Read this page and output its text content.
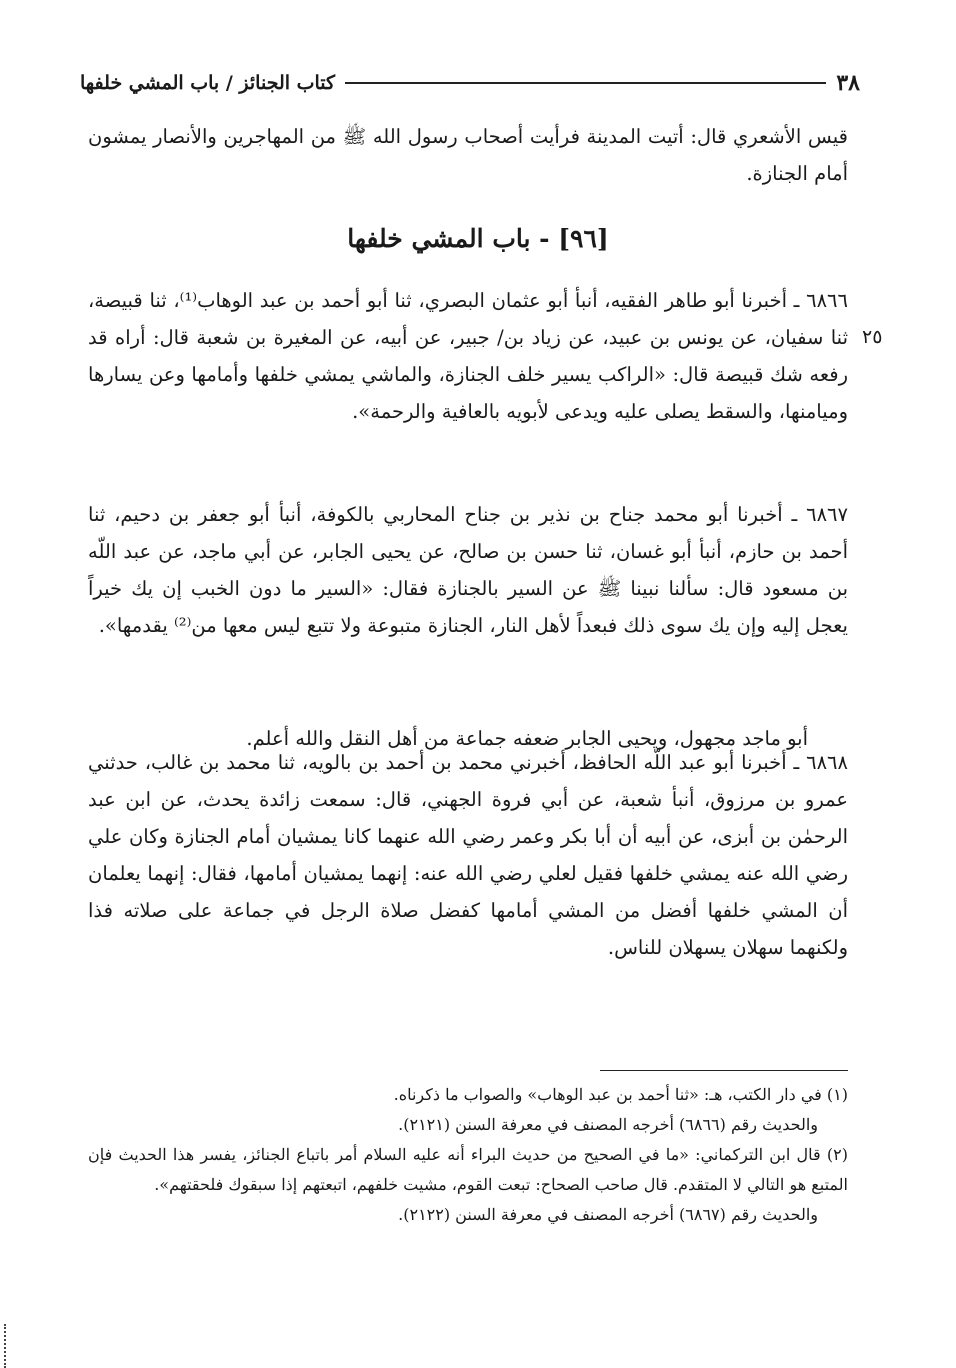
٣٨
كتاب الجنائز / باب المشي خلفها

قيس الأشعري قال: أتيت المدينة فرأيت أصحاب رسول الله ﷺ من المهاجرين والأنصار يمشون أمام الجنازة.

[٩٦] - باب المشي خلفها

٦٨٦٦ ـ أخبرنا أبو طاهر الفقيه، أنبأ أبو عثمان البصري، ثنا أبو أحمد بن عبد الوهاب⁽¹⁾، ثنا قبيصة، ثنا سفيان، عن يونس بن عبيد، عن زياد بن/ جبير، عن أبيه، عن المغيرة بن شعبة قال: أراه قد رفعه شك قبيصة قال: «الراكب يسير خلف الجنازة، والماشي يمشي خلفها وأمامها وعن يسارها وميامنها، والسقط يصلى عليه ويدعى لأبويه بالعافية والرحمة».

٢٥

٦٨٦٧ ـ أخبرنا أبو محمد جناح بن نذير بن جناح المحاربي بالكوفة، أنبأ أبو جعفر بن دحيم، ثنا أحمد بن حازم، أنبأ أبو غسان، ثنا حسن بن صالح، عن يحيى الجابر، عن أبي ماجد، عن عبد اللّه بن مسعود قال: سألنا نبينا ﷺ عن السير بالجنازة فقال: «السير ما دون الخبب إن يك خيراً يعجل إليه وإن يك سوى ذلك فبعداً لأهل النار، الجنازة متبوعة ولا تتبع ليس معها من⁽²⁾ يقدمها».

أبو ماجد مجهول، ويحيى الجابر ضعفه جماعة من أهل النقل والله أعلم.

٦٨٦٨ ـ أخبرنا أبو عبد اللّه الحافظ، أخبرني محمد بن أحمد بن بالويه، ثنا محمد بن غالب، حدثني عمرو بن مرزوق، أنبأ شعبة، عن أبي فروة الجهني، قال: سمعت زائدة يحدث، عن ابن عبد الرحمٰن بن أبزى، عن أبيه أن أبا بكر وعمر رضي الله عنهما كانا يمشيان أمام الجنازة وكان علي رضي الله عنه يمشي خلفها فقيل لعلي رضي الله عنه: إنهما يمشيان أمامها، فقال: إنهما يعلمان أن المشي خلفها أفضل من المشي أمامها كفضل صلاة الرجل في جماعة على صلاته فذا ولكنهما سهلان يسهلان للناس.

(١) في دار الكتب، هـ: «ثنا أحمد بن عبد الوهاب» والصواب ما ذكرناه.

والحديث رقم (٦٨٦٦) أخرجه المصنف في معرفة السنن (٢١٢١).

(٢) قال ابن التركماني: «ما في الصحيح من حديث البراء أنه عليه السلام أمر باتباع الجنائز، يفسر هذا الحديث فإن المتبع هو التالي لا المتقدم. قال صاحب الصحاح: تبعت القوم، مشيت خلفهم، اتبعتهم إذا سبقوك فلحقتهم».

والحديث رقم (٦٨٦٧) أخرجه المصنف في معرفة السنن (٢١٢٢).
